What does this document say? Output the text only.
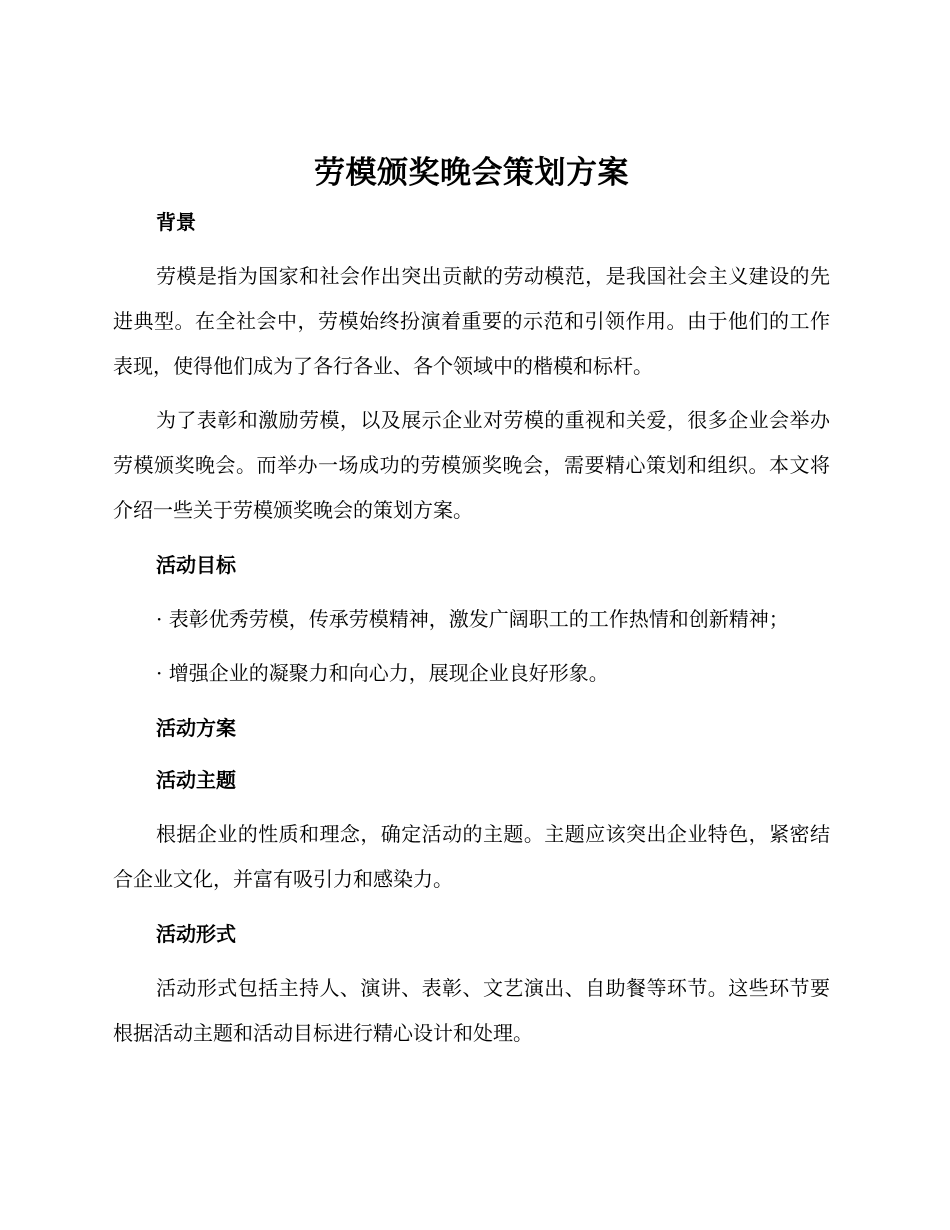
劳模颁奖晚会策划方案
背景

劳模是指为国家和社会作出突出贡献的劳动模范，是我国社会主义建设的先进典型。在全社会中，劳模始终扮演着重要的示范和引领作用。由于他们的工作表现，使得他们成为了各行各业、各个领域中的楷模和标杆。

为了表彰和激励劳模，以及展示企业对劳模的重视和关爱，很多企业会举办劳模颁奖晚会。而举办一场成功的劳模颁奖晚会，需要精心策划和组织。本文将介绍一些关于劳模颁奖晚会的策划方案。

活动目标

· 表彰优秀劳模，传承劳模精神，激发广阔职工的工作热情和创新精神；

· 增强企业的凝聚力和向心力，展现企业良好形象。

活动方案
活动主题

根据企业的性质和理念，确定活动的主题。主题应该突出企业特色，紧密结合企业文化，并富有吸引力和感染力。

活动形式

活动形式包括主持人、演讲、表彰、文艺演出、自助餐等环节。这些环节要根据活动主题和活动目标进行精心设计和处理。
